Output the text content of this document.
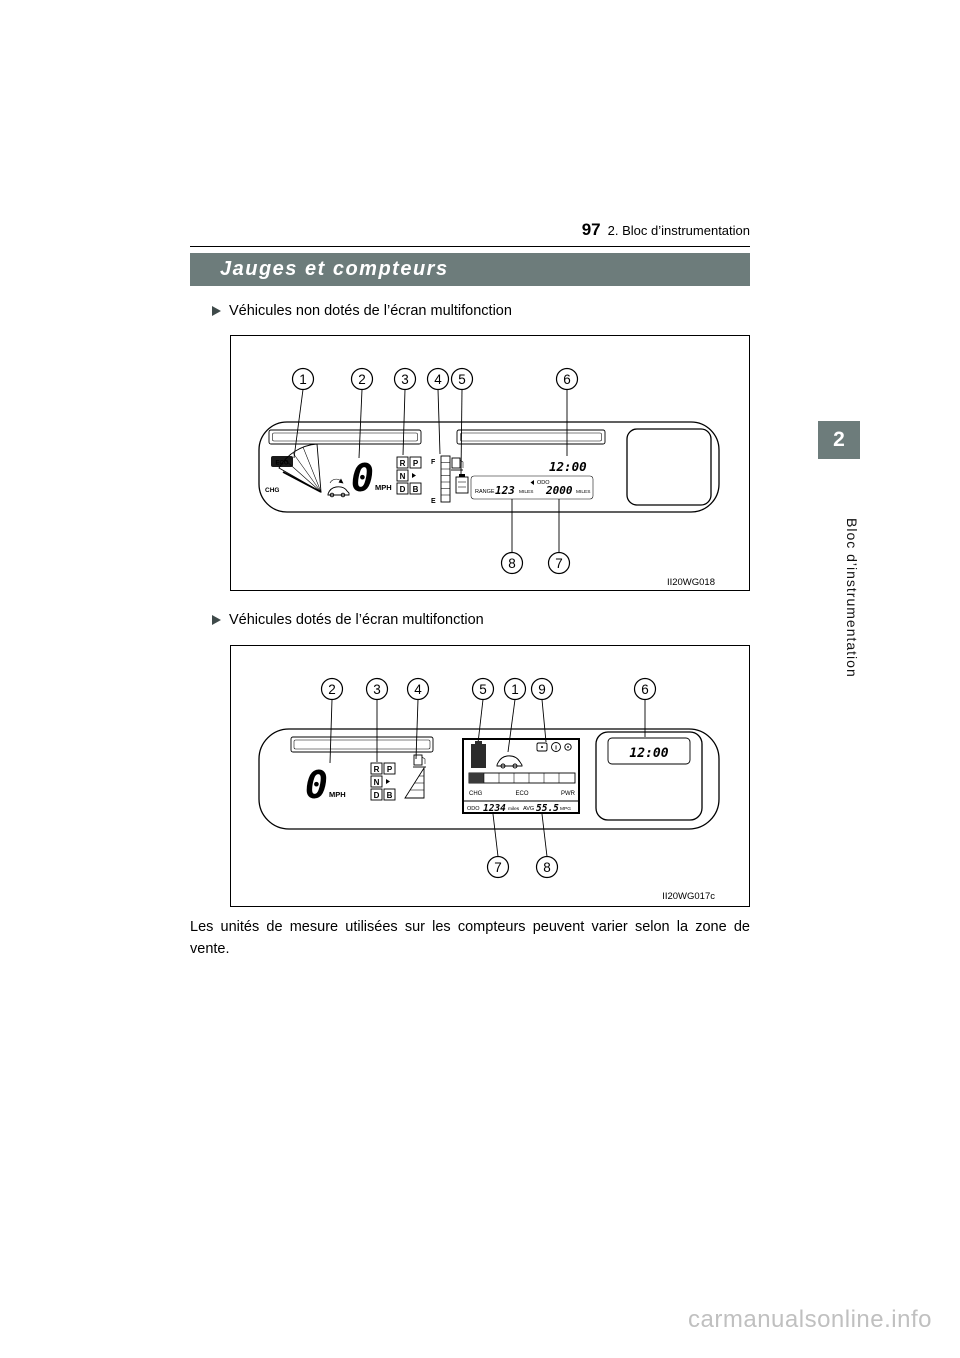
97 2. Bloc d’instrumentation
Jauges et compteurs
Véhicules non dotés de l’écran multifonction
ECO
CHG 0 MPH
R P
N
D B
F
E
12:00
RANGE 123 MILES
ODO
2000 MILES
1	2	3 4 5	6
8	7
II20WG018
Véhicules dotés de l’écran multifonction
0 MPH
R P
N
D B
i
CHG	ECO	PWR
ODO 1234 miles AVG 55.5 MPG
12:00
2	3 4	5 1 9	6
7	8
II20WG017c

Les unités de mesure utilisées sur les compteurs peuvent varier selon la zone de vente.

2
Bloc d’instrumentation
carmanualsonline.info
